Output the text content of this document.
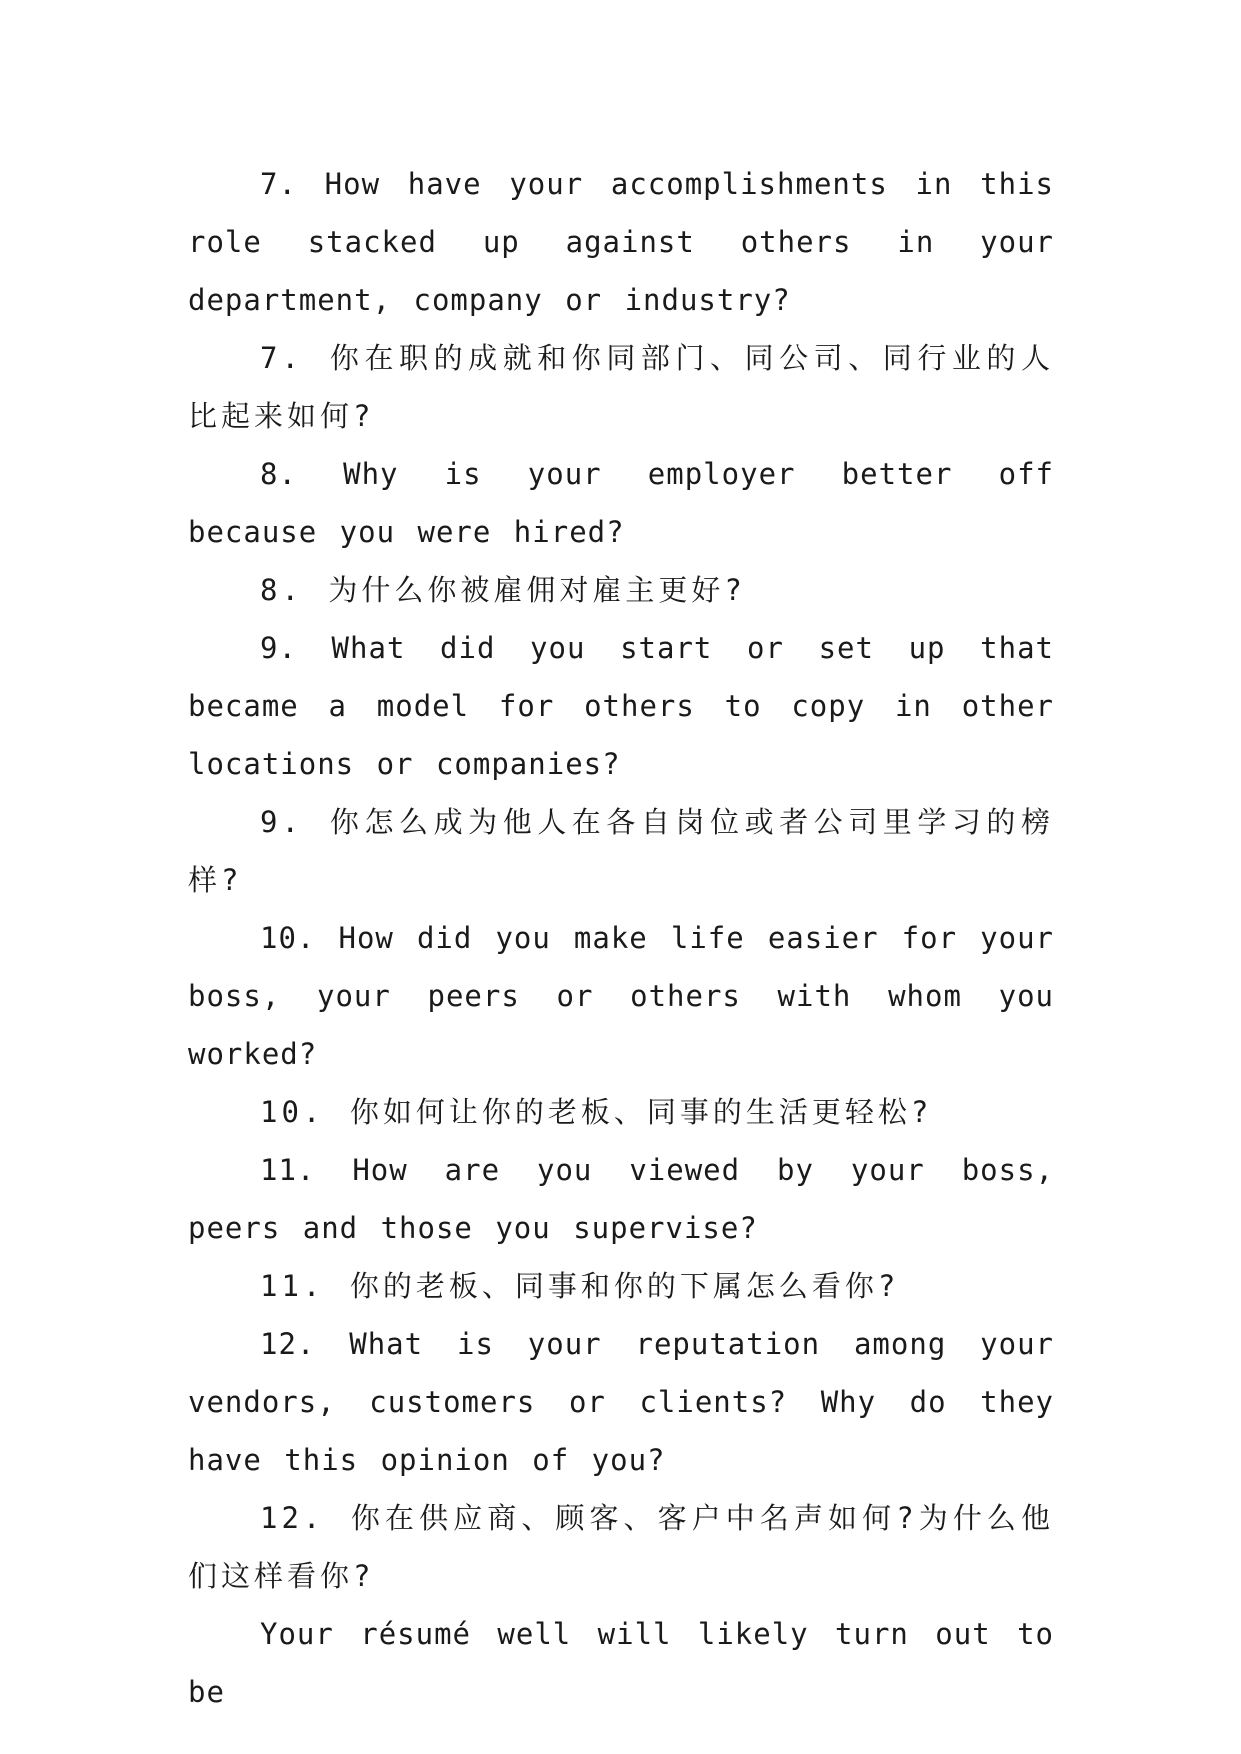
7. How have your accomplishments in this role stacked up against others in your department, company or industry?

7. 你在职的成就和你同部门、同公司、同行业的人比起来如何?

8. Why is your employer better off because you were hired?

8. 为什么你被雇佣对雇主更好?

9. What did you start or set up that became a model for others to copy in other locations or companies?

9. 你怎么成为他人在各自岗位或者公司里学习的榜样?

10. How did you make life easier for your boss, your peers or others with whom you worked?

10. 你如何让你的老板、同事的生活更轻松?

11. How are you viewed by your boss, peers and those you supervise?

11. 你的老板、同事和你的下属怎么看你?

12. What is your reputation among your vendors, customers or clients? Why do they have this opinion of you?

12. 你在供应商、顾客、客户中名声如何?为什么他们这样看你?

Your résumé well will likely turn out to be
